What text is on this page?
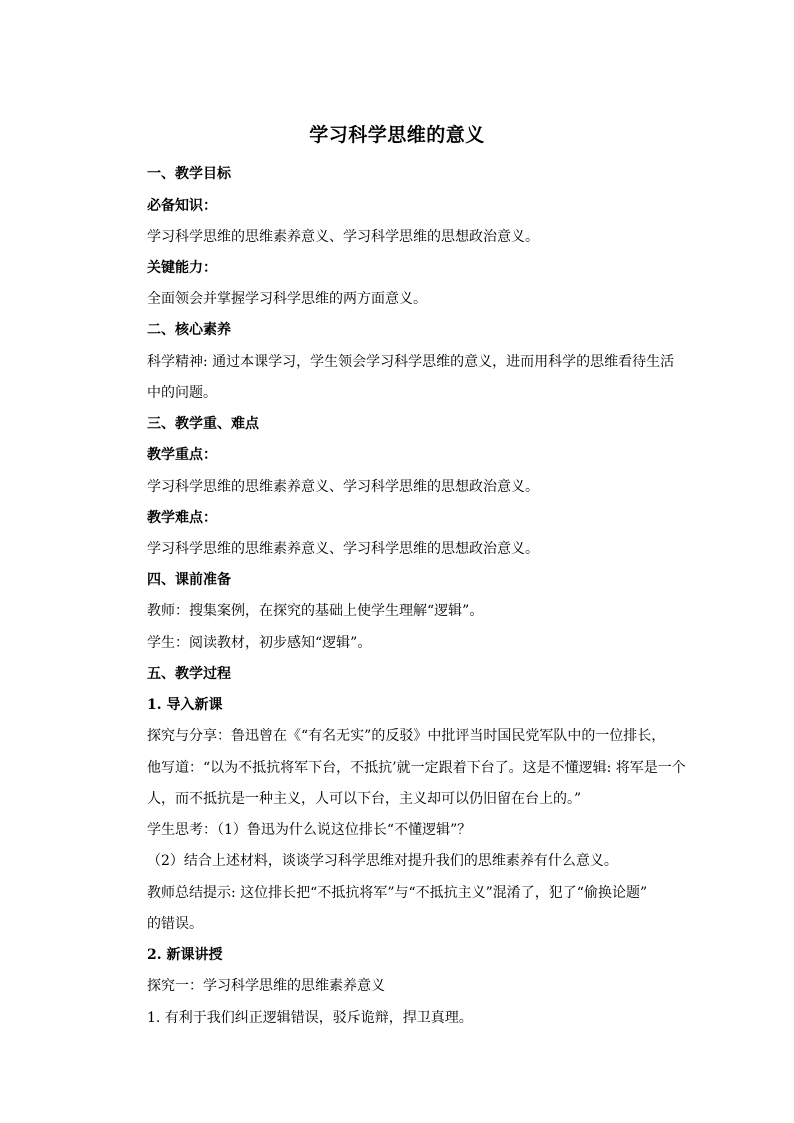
学习科学思维的意义
一、教学目标
必备知识：
学习科学思维的思维素养意义、学习科学思维的思想政治意义。
关键能力：
全面领会并掌握学习科学思维的两方面意义。
二、核心素养
科学精神: 通过本课学习，学生领会学习科学思维的意义，进而用科学的思维看待生活
中的问题。
三、教学重、难点
教学重点：
学习科学思维的思维素养意义、学习科学思维的思想政治意义。
教学难点：
学习科学思维的思维素养意义、学习科学思维的思想政治意义。
四、课前准备
教师：搜集案例，在探究的基础上使学生理解“逻辑”。
学生：阅读教材，初步感知“逻辑”。
五、教学过程
1. 导入新课
探究与分享：鲁迅曾在《“有名无实”的反驳》中批评当时国民党军队中的一位排长，
他写道：“以为不抵抗将军下台，不抵抗’就一定跟着下台了。这是不懂逻辑: 将军是一个
人，而不抵抗是一种主义，人可以下台，主义却可以仍旧留在台上的。”
学生思考：（1）鲁迅为什么说这位排长“不懂逻辑”？
（2）结合上述材料，谈谈学习科学思维对提升我们的思维素养有什么意义。
教师总结提示: 这位排长把“不抵抗将军”与“不抵抗主义”混淆了，犯了“偷换论题”
的错误。
2. 新课讲授
探究一：学习科学思维的思维素养意义
1. 有利于我们纠正逻辑错误，驳斥诡辩，捍卫真理。
